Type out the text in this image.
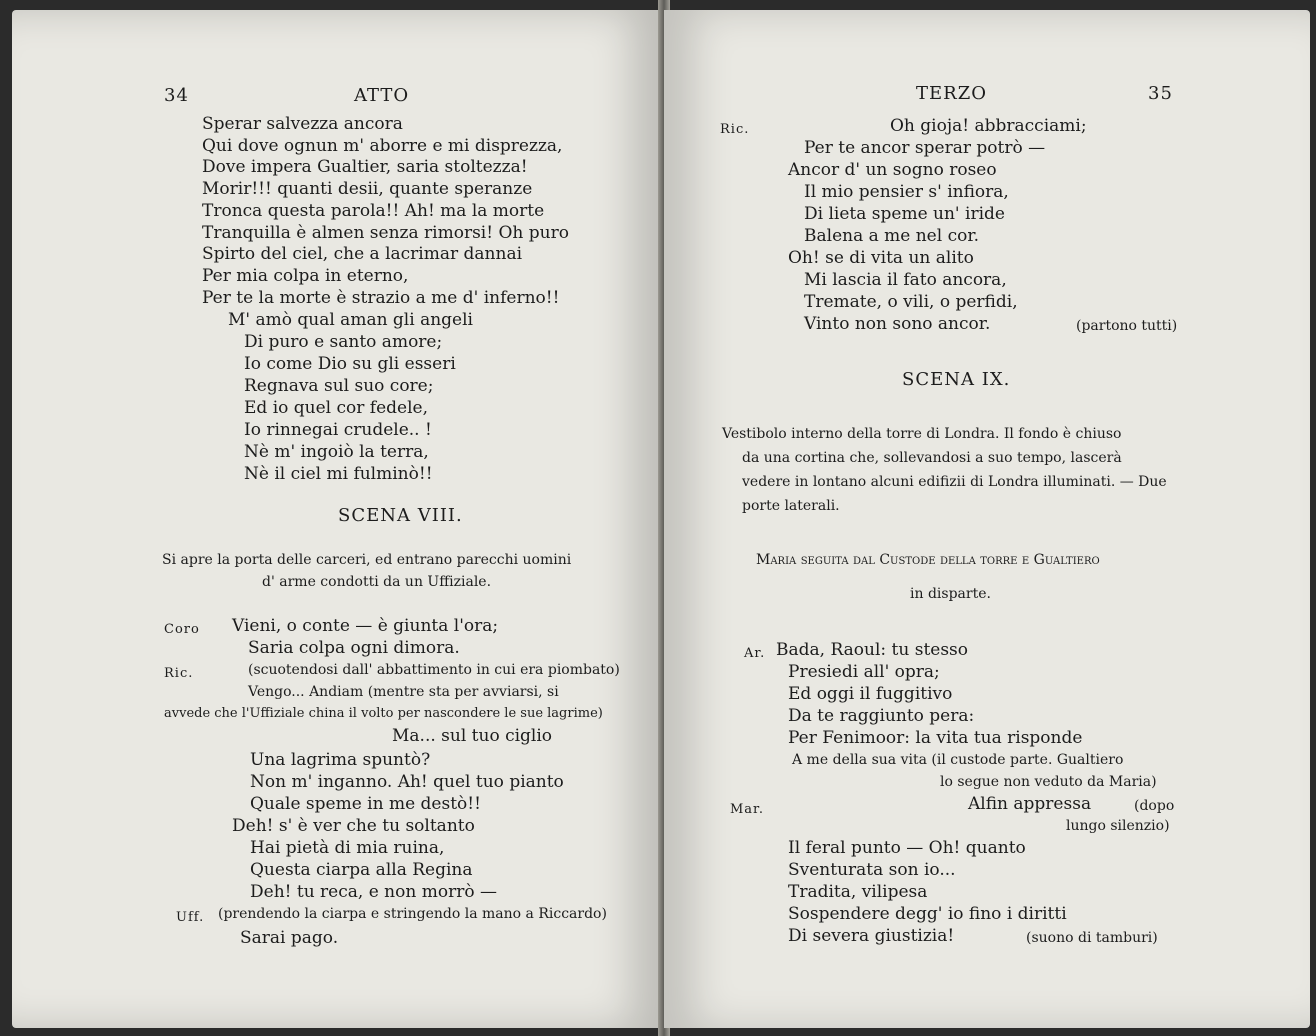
34	ATTO
Sperar salvezza ancora
Qui dove ognun m' aborre e mi disprezza,
Dove impera Gualtier, saria stoltezza!
Morir!!! quanti desii, quante speranze
Tronca questa parola!! Ah! ma la morte
Tranquilla è almen senza rimorsi! Oh puro
Spirto del ciel, che a lacrimar dannai
Per mia colpa in eterno,
Per te la morte è strazio a me d' inferno!!
M' amò qual aman gli angeli
Di puro e santo amore;
Io come Dio su gli esseri
Regnava sul suo core;
Ed io quel cor fedele,
Io rinnegai crudele.. !
Nè m' ingoiò la terra,
Nè il ciel mi fulminò!!
SCENA VIII.
Si apre la porta delle carceri, ed entrano parecchi uomini
d' arme condotti da un Uffiziale.
Coro Vieni, o conte — è giunta l'ora;
Saria colpa ogni dimora.
Ric.	(scuotendosi dall' abbattimento in cui era piombato)
Vengo... Andiam (mentre sta per avviarsi, si
avvede che l'Uffiziale china il volto per nascondere le sue lagrime)
Ma... sul tuo ciglio
Una lagrima spuntò?
Non m' inganno. Ah! quel tuo pianto
Quale speme in me destò!!
Deh! s' è ver che tu soltanto
Hai pietà di mia ruina,
Questa ciarpa alla Regina
Deh! tu reca, e non morrò —
Uff. (prendendo la ciarpa e stringendo la mano a Riccardo)
Sarai pago.
TERZO	35
Ric.	Oh gioja! abbracciami;
Per te ancor sperar potrò —
Ancor d' un sogno roseo
Il mio pensier s' infiora,
Di lieta speme un' iride
Balena a me nel cor.
Oh! se di vita un alito
Mi lascia il fato ancora,
Tremate, o vili, o perfidi,
Vinto non sono ancor.	(partono tutti)
SCENA IX.
Vestibolo interno della torre di Londra. Il fondo è chiuso
da una cortina che, sollevandosi a suo tempo, lascerà
vedere in lontano alcuni edifizii di Londra illuminati. — Due
porte laterali.
Maria seguita dal Custode della torre e Gualtiero
in disparte.
Ar. Bada, Raoul: tu stesso
Presiedi all' opra;
Ed oggi il fuggitivo
Da te raggiunto pera:
Per Fenimoor: la vita tua risponde
A me della sua vita (il custode parte. Gualtiero
lo segue non veduto da Maria)
Mar.	Alfin appressa	(dopo
lungo silenzio)
Il feral punto — Oh! quanto
Sventurata son io...
Tradita, vilipesa
Sospendere degg' io fino i diritti
Di severa giustizia!	(suono di tamburi)
